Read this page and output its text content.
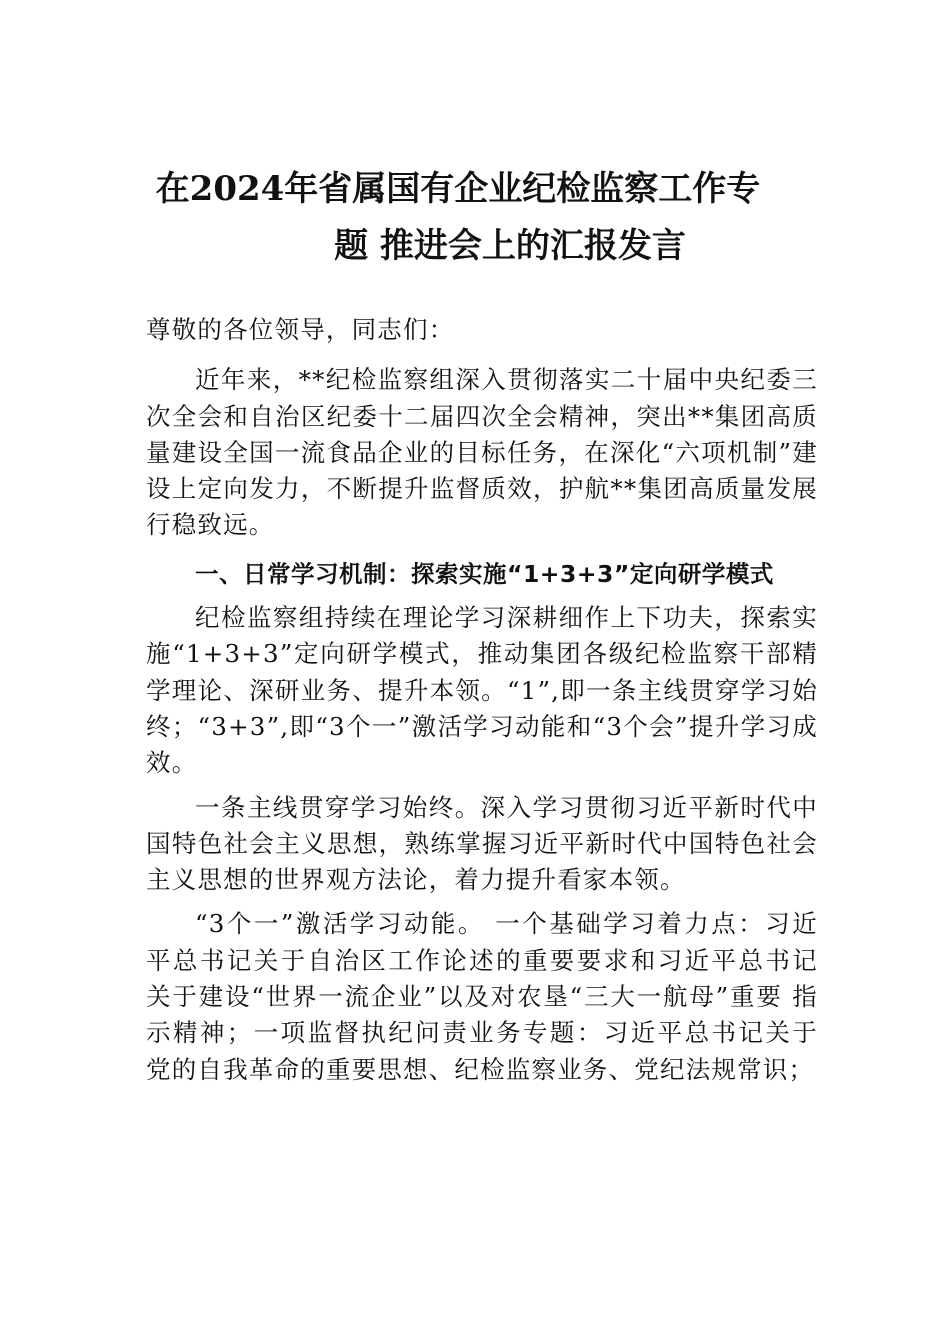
在2024年省属国有企业纪检监察工作专
题 推进会上的汇报发言

尊敬的各位领导，同志们：

近年来，**纪检监察组深入贯彻落实二十届中央纪委三次全会和自治区纪委十二届四次全会精神，突出**集团高质量建设全国一流食品企业的目标任务，在深化“六项机制”建设上定向发力，不断提升监督质效，护航**集团高质量发展行稳致远。

一、日常学习机制：探索实施“1+3+3”定向研学模式

纪检监察组持续在理论学习深耕细作上下功夫，探索实施“1+3+3”定向研学模式，推动集团各级纪检监察干部精学理论、深研业务、提升本领。“1”,即一条主线贯穿学习始终；“3+3”,即“3个一”激活学习动能和“3个会”提升学习成 效。

一条主线贯穿学习始终。深入学习贯彻习近平新时代中 国特色社会主义思想，熟练掌握习近平新时代中国特色社会 主义思想的世界观方法论，着力提升看家本领。

“3个一”激活学习动能。 一个基础学习着力点：习近 平总书记关于自治区工作论述的重要要求和习近平总书记 关于建设“世界一流企业”以及对农垦“三大一航母”重要 指示精神；一项监督执纪问责业务专题：习近平总书记关于 党的自我革命的重要思想、纪检监察业务、党纪法规常识；
